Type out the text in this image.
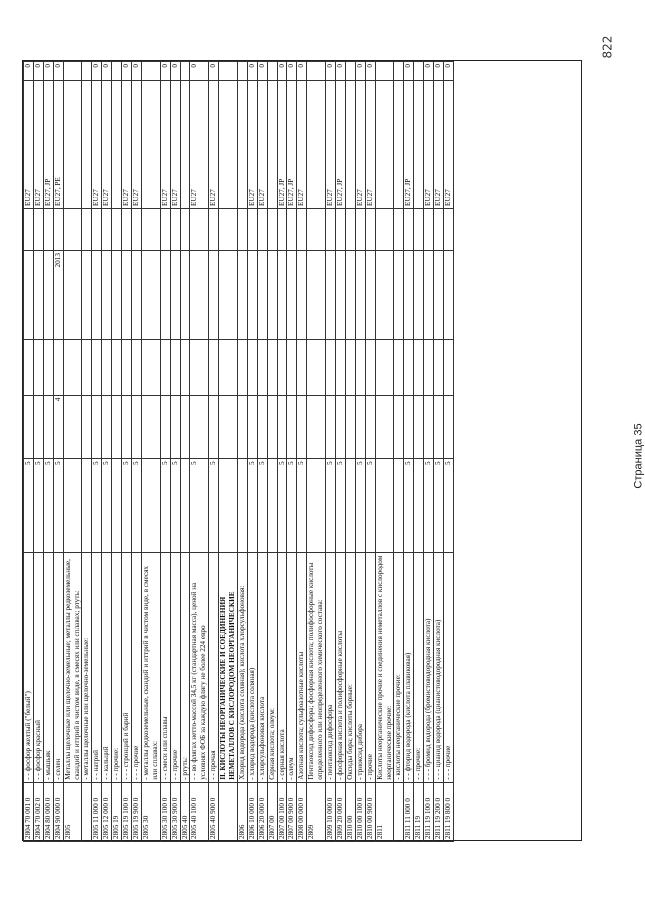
822
2804 70 001 0	- - фосфор желтый ("белый")	5					EU27	0
2804 70 002 0	- - фосфор красный	5					EU27	0
2804 80 000 0	- мышьяк	5					EU27, JP	0
2804 90 000 0	- селен	5	4		2013		EU27, PE	0
2805	Металлы щелочные или щелочно-земельные; металлы редкоземельные, скандий и иттрий в чистом виде, в смесях или сплавах; ртуть:							
	- металлы щелочные или щелочно-земельные:							
2805 11 000 0	- - натрий	5					EU27	0
2805 12 000 0	- - кальций	5					EU27	0
2805 19	- - прочие:							
2805 19 100 0	- - - стронций и барий	5					EU27	0
2805 19 900 0	- - - прочие	5					EU27	0
2805 30	- металлы редкоземельные, скандий и иттрий в чистом виде, в смесях или сплавах:							
2805 30 100 0	- - смеси или сплавы	5					EU27	0
2805 30 900 0	- - прочие	5					EU27	0
2805 40	- ртуть:							
2805 40 100 0	- - во флягах нетто-массой 34,5 кг (стандартная масса), ценой на условиях ФОБ за каждую флягу не более 224 евро	5					EU27	0
2805 40 900 0	- - прочая	5					EU27	0
	II. КИСЛОТЫ НЕОРГАНИЧЕСКИЕ И СОЕДИНЕНИЯ НЕМЕТАЛЛОВ С КИСЛОРОДОМ НЕОРГАНИЧЕСКИЕ							
2806	Хлорид водорода (кислота соляная); кислота хлорсульфоновая:							
2806 10 000 0	- хлорид водорода (кислота соляная)	5					EU27	0
2806 20 000 0	- хлорсульфоновая кислота	5					EU27	0
2807 00	Серная кислота; олеум:							
2807 00 100 0	- серная кислота	5					EU27, JP	0
2807 00 900 0	- олеум	5					EU27, JP	0
2808 00 000 0	Азотная кислота; сульфоазотные кислоты	5					EU27	0
2809	Пентаоксид дифосфора; фосфорная кислота; полифосфорные кислоты определенного или неопределенного химического состава:							
2809 10 000 0	- пентаоксид дифосфора	5					EU27	0
2809 20 000 0	- фосфорная кислота и полифосфорные кислоты	5					EU27, JP	0
2810 00	Оксиды бора; кислоты борные:							
2810 00 100 0	- триоксид дибора	5					EU27	0
2810 00 900 0	- прочие	5					EU27	0
2811	Кислоты неорганические прочие и соединения неметаллов с кислородом неорганические прочие:							
	- кислоты неорганические прочие:							
2811 11 000 0	- - фторид водорода (кислота плавиковая)	5					EU27, JP	0
2811 19	- - прочие:							
2811 19 100 0	- - - бромид водорода (бромистоводородная кислота)	5					EU27	0
2811 19 200 0	- - - цианид водорода (цианистоводородная кислота)	5					EU27	0
2811 19 800 0	- - - прочие	5					EU27	0
Страница 35
